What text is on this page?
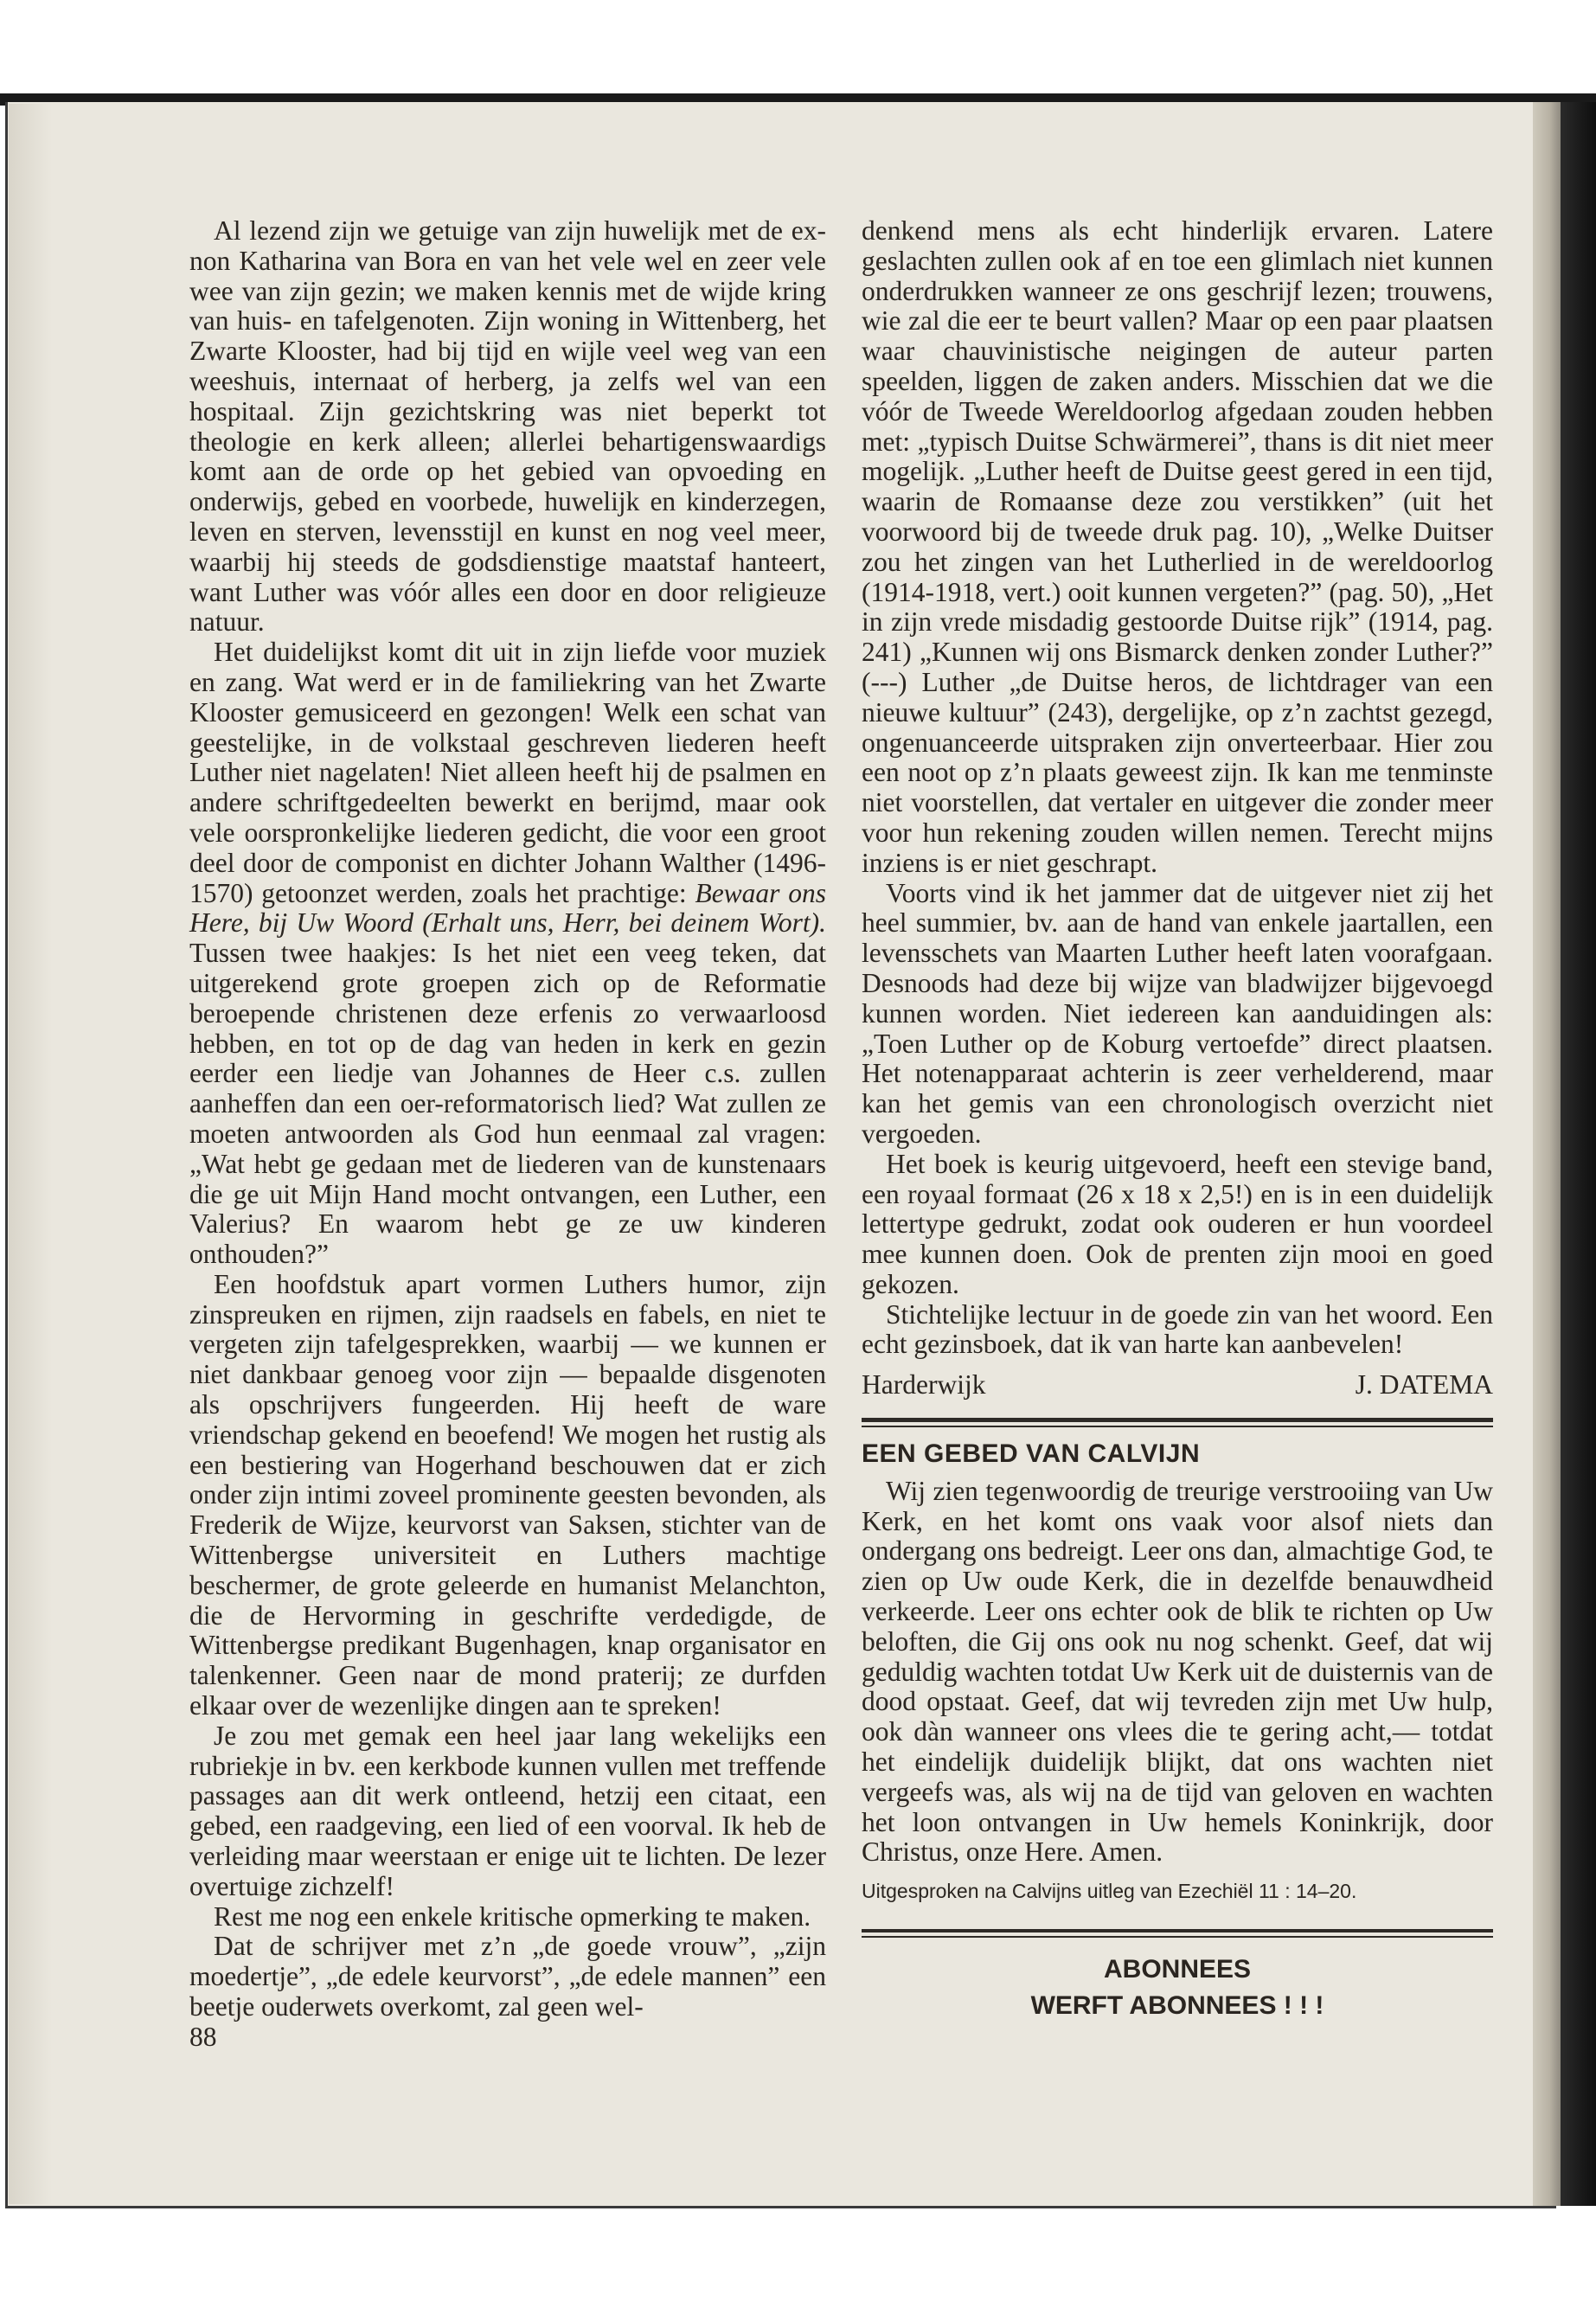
Al lezend zijn we getuige van zijn huwelijk met de ex-non Katharina van Bora en van het vele wel en zeer vele wee van zijn gezin; we maken kennis met de wijde kring van huis- en tafelgenoten. Zijn woning in Wittenberg, het Zwarte Klooster, had bij tijd en wijle veel weg van een weeshuis, internaat of herberg, ja zelfs wel van een hospitaal. Zijn gezichtskring was niet beperkt tot theologie en kerk alleen; allerlei behartigenswaardigs komt aan de orde op het gebied van opvoeding en onderwijs, gebed en voorbede, huwelijk en kinderzegen, leven en sterven, levensstijl en kunst en nog veel meer, waarbij hij steeds de godsdienstige maatstaf hanteert, want Luther was vóór alles een door en door religieuze natuur.

Het duidelijkst komt dit uit in zijn liefde voor muziek en zang. Wat werd er in de familiekring van het Zwarte Klooster gemusiceerd en gezongen! Welk een schat van geestelijke, in de volkstaal geschreven liederen heeft Luther niet nagelaten! Niet alleen heeft hij de psalmen en andere schriftgedeelten bewerkt en berijmd, maar ook vele oorspronkelijke liederen gedicht, die voor een groot deel door de componist en dichter Johann Walther (1496-1570) getoonzet werden, zoals het prachtige: Bewaar ons Here, bij Uw Woord (Erhalt uns, Herr, bei deinem Wort). Tussen twee haakjes: Is het niet een veeg teken, dat uitgerekend grote groepen zich op de Reformatie beroepende christenen deze erfenis zo verwaarloosd hebben, en tot op de dag van heden in kerk en gezin eerder een liedje van Johannes de Heer c.s. zullen aanheffen dan een oer-reformatorisch lied? Wat zullen ze moeten antwoorden als God hun eenmaal zal vragen: „Wat hebt ge gedaan met de liederen van de kunstenaars die ge uit Mijn Hand mocht ontvangen, een Luther, een Valerius? En waarom hebt ge ze uw kinderen onthouden?”

Een hoofdstuk apart vormen Luthers humor, zijn zinspreuken en rijmen, zijn raadsels en fabels, en niet te vergeten zijn tafelgesprekken, waarbij — we kunnen er niet dankbaar genoeg voor zijn — bepaalde disgenoten als opschrijvers fungeerden. Hij heeft de ware vriendschap gekend en beoefend! We mogen het rustig als een bestiering van Hogerhand beschouwen dat er zich onder zijn intimi zoveel prominente geesten bevonden, als Frederik de Wijze, keurvorst van Saksen, stichter van de Wittenbergse universiteit en Luthers machtige beschermer, de grote geleerde en humanist Melanchton, die de Hervorming in geschrifte verdedigde, de Wittenbergse predikant Bugenhagen, knap organisator en talenkenner. Geen naar de mond praterij; ze durfden elkaar over de wezenlijke dingen aan te spreken!

Je zou met gemak een heel jaar lang wekelijks een rubriekje in bv. een kerkbode kunnen vullen met treffende passages aan dit werk ontleend, hetzij een citaat, een gebed, een raadgeving, een lied of een voorval. Ik heb de verleiding maar weerstaan er enige uit te lichten. De lezer overtuige zichzelf!

Rest me nog een enkele kritische opmerking te maken.

Dat de schrijver met z’n „de goede vrouw”, „zijn moedertje”, „de edele keurvorst”, „de edele mannen” een beetje ouderwets overkomt, zal geen wel-

88

denkend mens als echt hinderlijk ervaren. Latere geslachten zullen ook af en toe een glimlach niet kunnen onderdrukken wanneer ze ons geschrijf lezen; trouwens, wie zal die eer te beurt vallen? Maar op een paar plaatsen waar chauvinistische neigingen de auteur parten speelden, liggen de zaken anders. Misschien dat we die vóór de Tweede Wereldoorlog afgedaan zouden hebben met: „typisch Duitse Schwärmerei”, thans is dit niet meer mogelijk. „Luther heeft de Duitse geest gered in een tijd, waarin de Romaanse deze zou verstikken” (uit het voorwoord bij de tweede druk pag. 10), „Welke Duitser zou het zingen van het Lutherlied in de wereldoorlog (1914-1918, vert.) ooit kunnen vergeten?” (pag. 50), „Het in zijn vrede misdadig gestoorde Duitse rijk” (1914, pag. 241) „Kunnen wij ons Bismarck denken zonder Luther?” (---) Luther „de Duitse heros, de lichtdrager van een nieuwe kultuur” (243), dergelijke, op z’n zachtst gezegd, ongenuanceerde uitspraken zijn onverteerbaar. Hier zou een noot op z’n plaats geweest zijn. Ik kan me tenminste niet voorstellen, dat vertaler en uitgever die zonder meer voor hun rekening zouden willen nemen. Terecht mijns inziens is er niet geschrapt.

Voorts vind ik het jammer dat de uitgever niet zij het heel summier, bv. aan de hand van enkele jaartallen, een levensschets van Maarten Luther heeft laten voorafgaan. Desnoods had deze bij wijze van bladwijzer bijgevoegd kunnen worden. Niet iedereen kan aanduidingen als: „Toen Luther op de Koburg vertoefde” direct plaatsen. Het notenapparaat achterin is zeer verhelderend, maar kan het gemis van een chronologisch overzicht niet vergoeden.

Het boek is keurig uitgevoerd, heeft een stevige band, een royaal formaat (26 x 18 x 2,5!) en is in een duidelijk lettertype gedrukt, zodat ook ouderen er hun voordeel mee kunnen doen. Ook de prenten zijn mooi en goed gekozen.

Stichtelijke lectuur in de goede zin van het woord. Een echt gezinsboek, dat ik van harte kan aanbevelen!

Harderwijk	J. DATEMA
EEN GEBED VAN CALVIJN

Wij zien tegenwoordig de treurige verstrooiing van Uw Kerk, en het komt ons vaak voor alsof niets dan ondergang ons bedreigt. Leer ons dan, almachtige God, te zien op Uw oude Kerk, die in dezelfde benauwdheid verkeerde. Leer ons echter ook de blik te richten op Uw beloften, die Gij ons ook nu nog schenkt. Geef, dat wij geduldig wachten totdat Uw Kerk uit de duisternis van de dood opstaat. Geef, dat wij tevreden zijn met Uw hulp, ook dàn wanneer ons vlees die te gering acht,— totdat het eindelijk duidelijk blijkt, dat ons wachten niet vergeefs was, als wij na de tijd van geloven en wachten het loon ontvangen in Uw hemels Koninkrijk, door Christus, onze Here. Amen.

Uitgesproken na Calvijns uitleg van Ezechiël 11 : 14–20.
ABONNEES
WERFT ABONNEES ! ! !
